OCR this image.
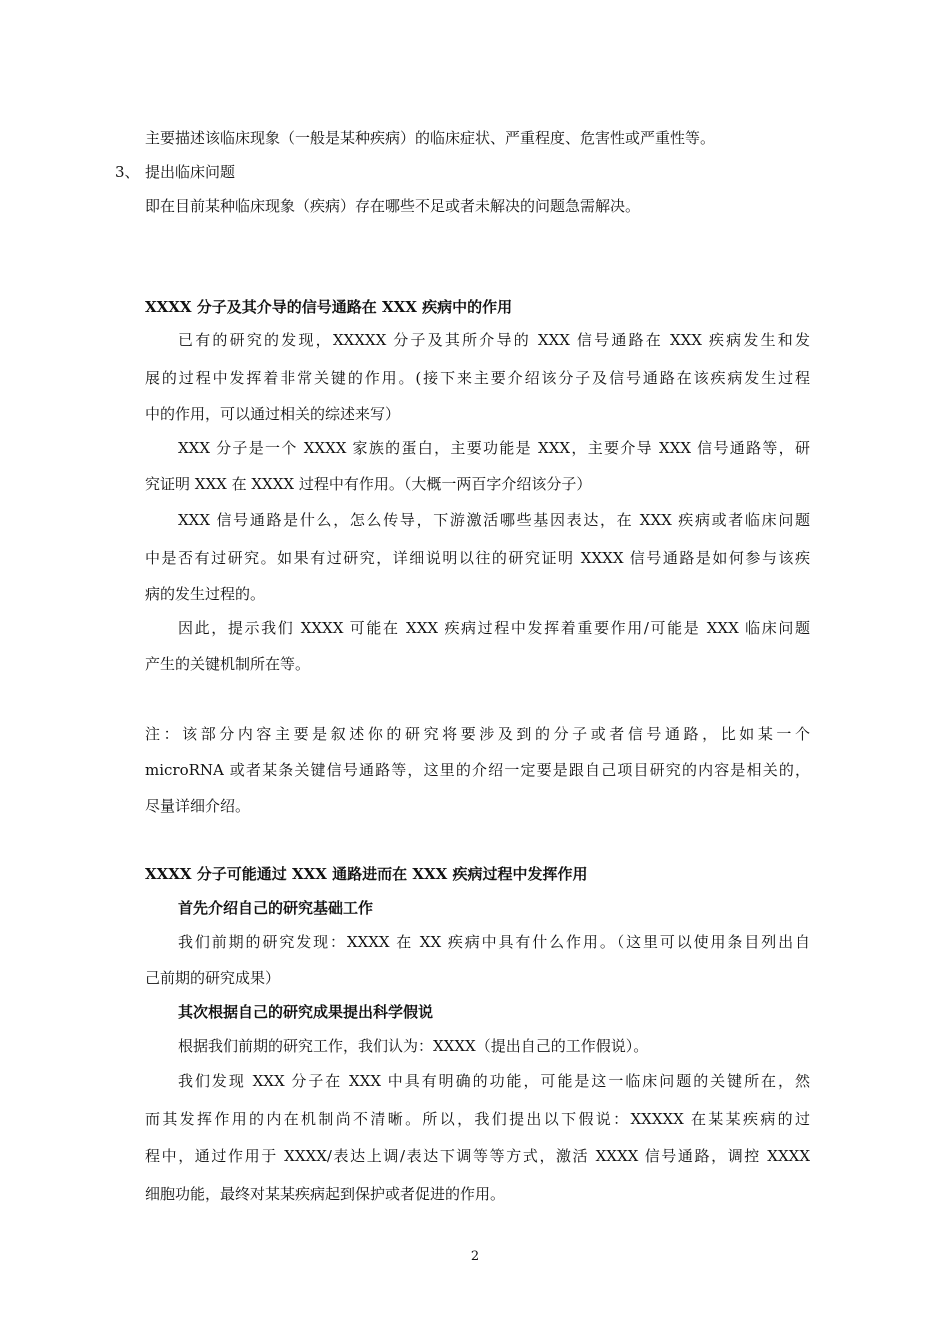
主要描述该临床现象（一般是某种疾病）的临床症状、严重程度、危害性或严重性等。
3、 提出临床问题
即在目前某种临床现象（疾病）存在哪些不足或者未解决的问题急需解决。
XXXX 分子及其介导的信号通路在 XXX 疾病中的作用
已有的研究的发现，XXXXX 分子及其所介导的 XXX 信号通路在 XXX 疾病发生和发
展的过程中发挥着非常关键的作用。(接下来主要介绍该分子及信号通路在该疾病发生过程
中的作用，可以通过相关的综述来写）
XXX 分子是一个 XXXX 家族的蛋白，主要功能是 XXX，主要介导 XXX 信号通路等，研
究证明 XXX 在 XXXX 过程中有作用。（大概一两百字介绍该分子）
XXX 信号通路是什么，怎么传导，下游激活哪些基因表达，在 XXX 疾病或者临床问题
中是否有过研究。如果有过研究，详细说明以往的研究证明 XXXX 信号通路是如何参与该疾
病的发生过程的。
因此，提示我们 XXXX 可能在 XXX 疾病过程中发挥着重要作用/可能是 XXX 临床问题
产生的关键机制所在等。
注：该部分内容主要是叙述你的研究将要涉及到的分子或者信号通路，比如某一个
microRNA 或者某条关键信号通路等，这里的介绍一定要是跟自己项目研究的内容是相关的，
尽量详细介绍。
XXXX 分子可能通过 XXX 通路进而在 XXX 疾病过程中发挥作用
首先介绍自己的研究基础工作
我们前期的研究发现：XXXX 在 XX 疾病中具有什么作用。（这里可以使用条目列出自
己前期的研究成果）
其次根据自己的研究成果提出科学假说
根据我们前期的研究工作，我们认为：XXXX（提出自己的工作假说）。
我们发现 XXX 分子在 XXX 中具有明确的功能，可能是这一临床问题的关键所在，然
而其发挥作用的内在机制尚不清晰。所以，我们提出以下假说：XXXXX 在某某疾病的过
程中，通过作用于 XXXX/表达上调/表达下调等等方式，激活 XXXX 信号通路，调控 XXXX
细胞功能，最终对某某疾病起到保护或者促进的作用。
2
